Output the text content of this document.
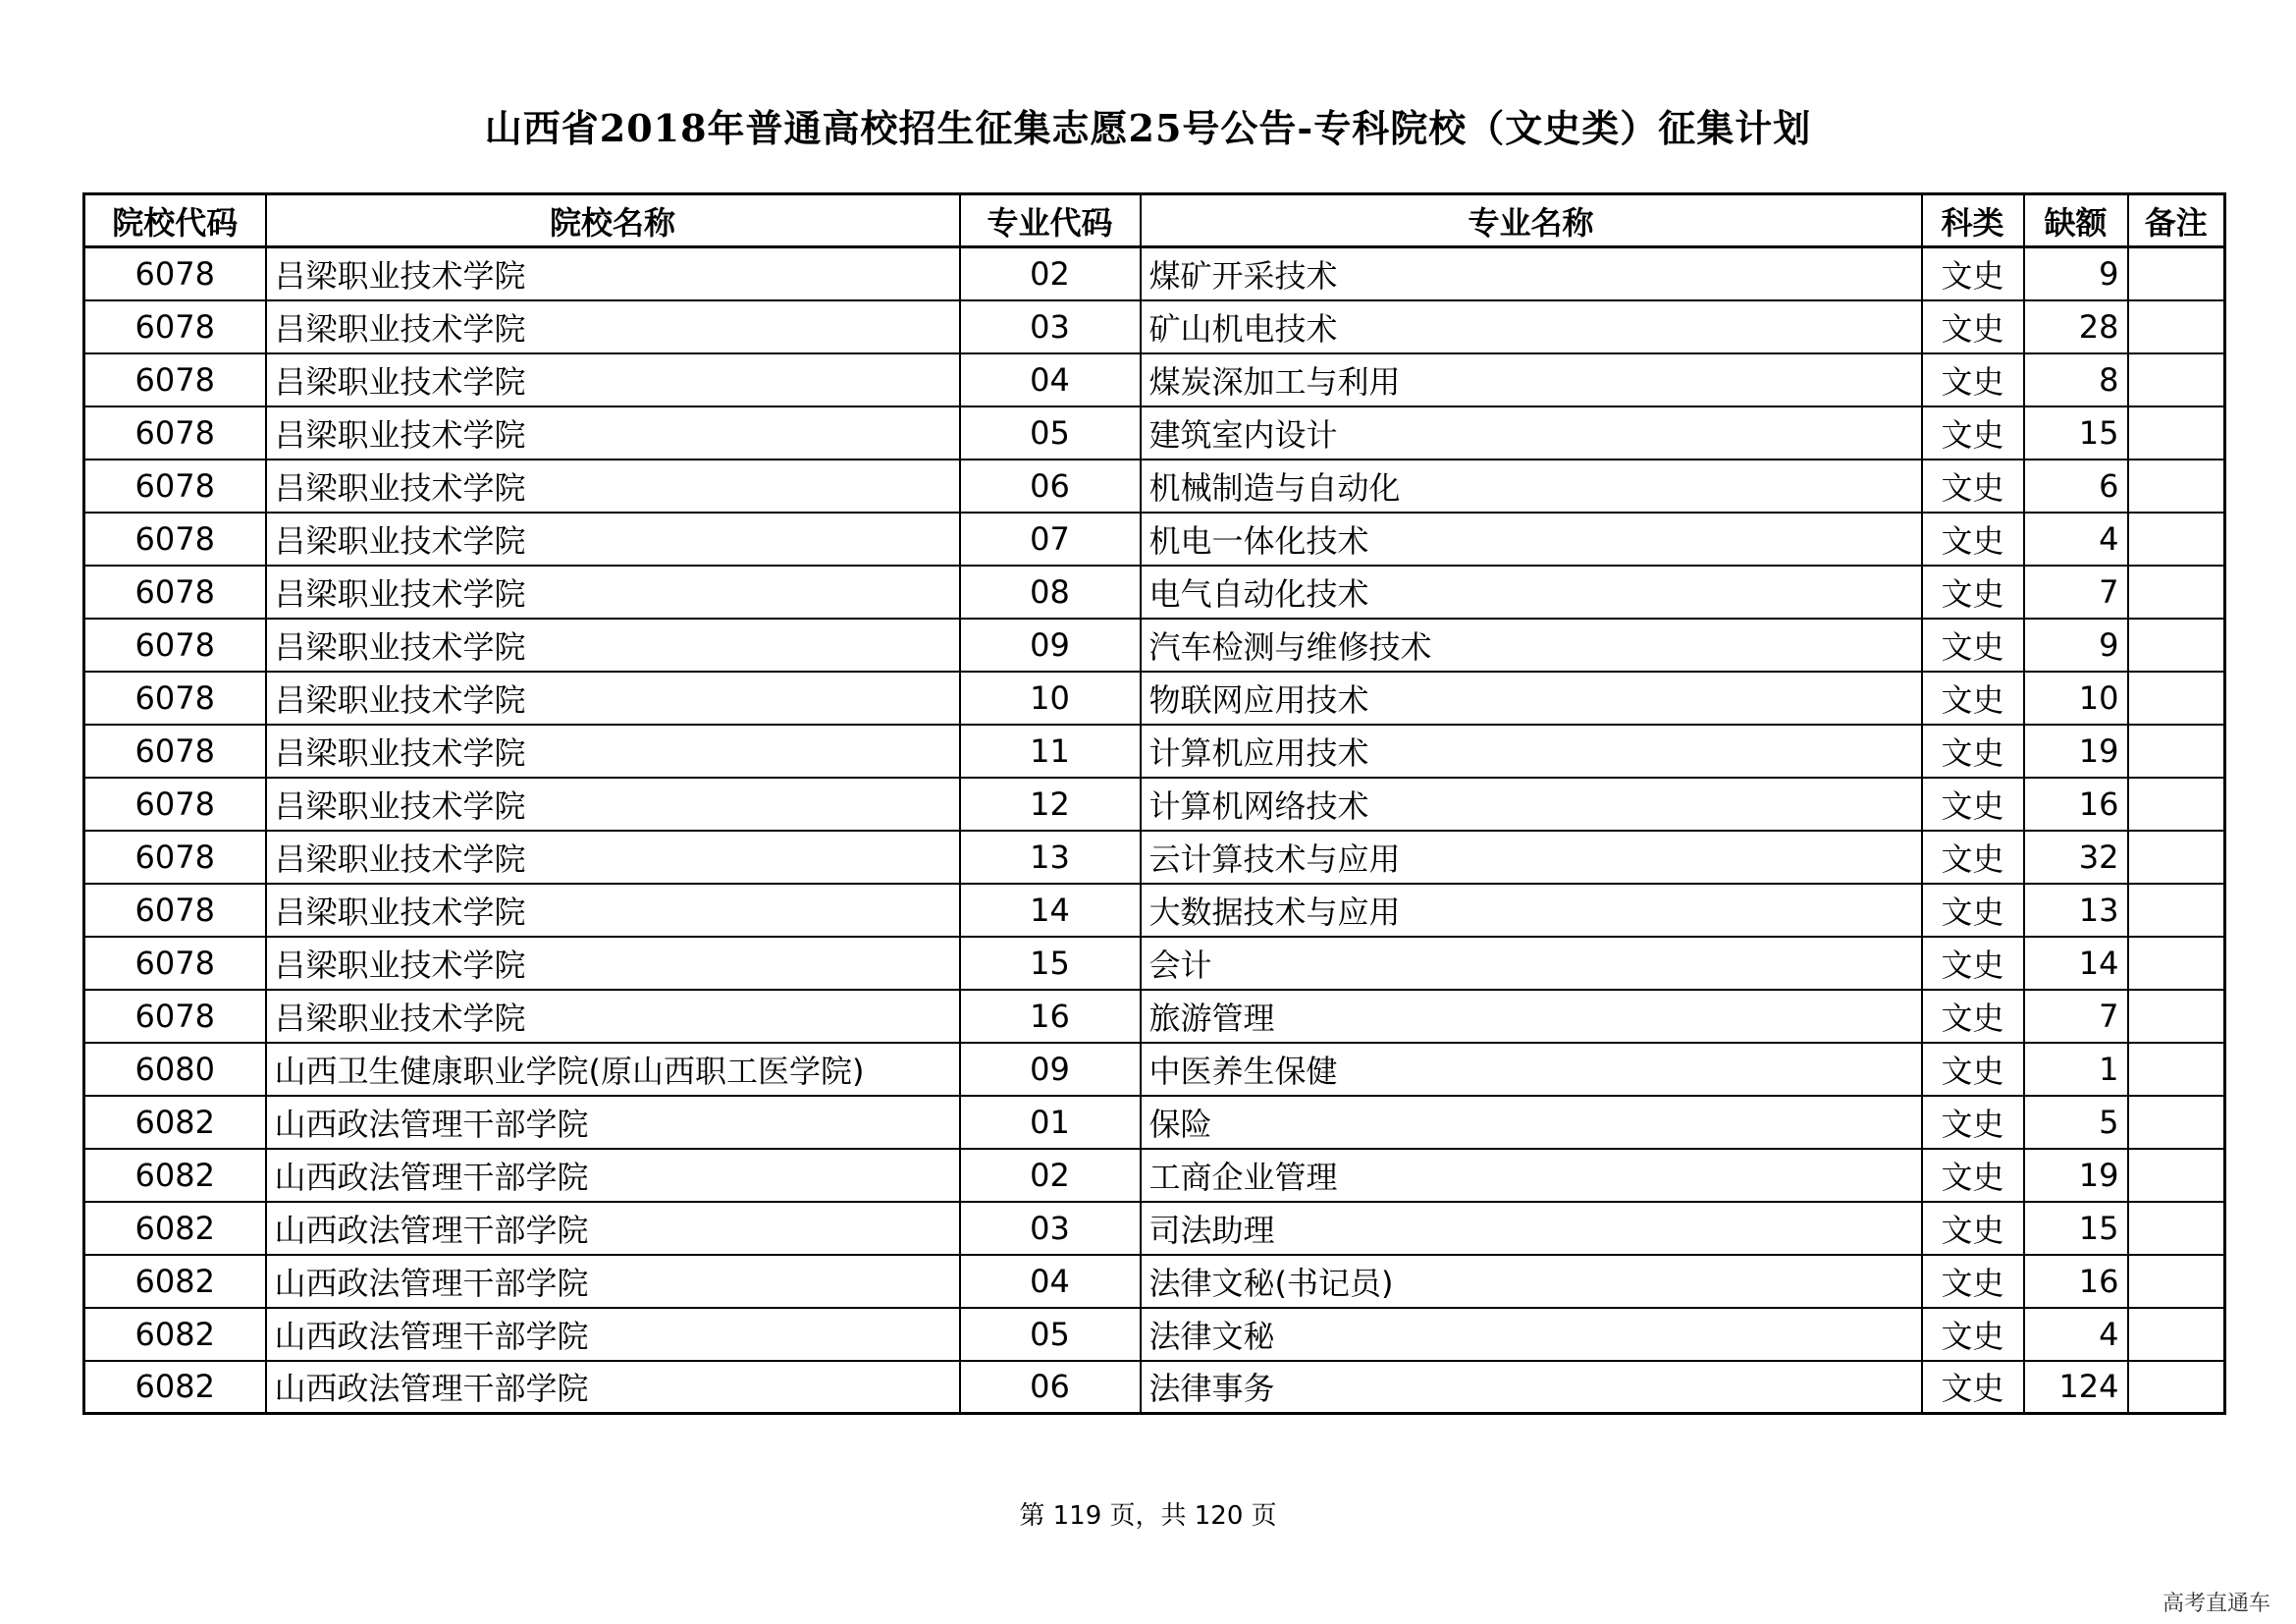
山西省2018年普通高校招生征集志愿25号公告-专科院校（文史类）征集计划
院校代码	院校名称	专业代码	专业名称	科类	缺额	备注
6078	吕梁职业技术学院	02	煤矿开采技术	文史	9	
6078	吕梁职业技术学院	03	矿山机电技术	文史	28	
6078	吕梁职业技术学院	04	煤炭深加工与利用	文史	8	
6078	吕梁职业技术学院	05	建筑室内设计	文史	15	
6078	吕梁职业技术学院	06	机械制造与自动化	文史	6	
6078	吕梁职业技术学院	07	机电一体化技术	文史	4	
6078	吕梁职业技术学院	08	电气自动化技术	文史	7	
6078	吕梁职业技术学院	09	汽车检测与维修技术	文史	9	
6078	吕梁职业技术学院	10	物联网应用技术	文史	10	
6078	吕梁职业技术学院	11	计算机应用技术	文史	19	
6078	吕梁职业技术学院	12	计算机网络技术	文史	16	
6078	吕梁职业技术学院	13	云计算技术与应用	文史	32	
6078	吕梁职业技术学院	14	大数据技术与应用	文史	13	
6078	吕梁职业技术学院	15	会计	文史	14	
6078	吕梁职业技术学院	16	旅游管理	文史	7	
6080	山西卫生健康职业学院(原山西职工医学院)	09	中医养生保健	文史	1	
6082	山西政法管理干部学院	01	保险	文史	5	
6082	山西政法管理干部学院	02	工商企业管理	文史	19	
6082	山西政法管理干部学院	03	司法助理	文史	15	
6082	山西政法管理干部学院	04	法律文秘(书记员)	文史	16	
6082	山西政法管理干部学院	05	法律文秘	文史	4	
6082	山西政法管理干部学院	06	法律事务	文史	124	
第 119 页，共 120 页
高考直通车
